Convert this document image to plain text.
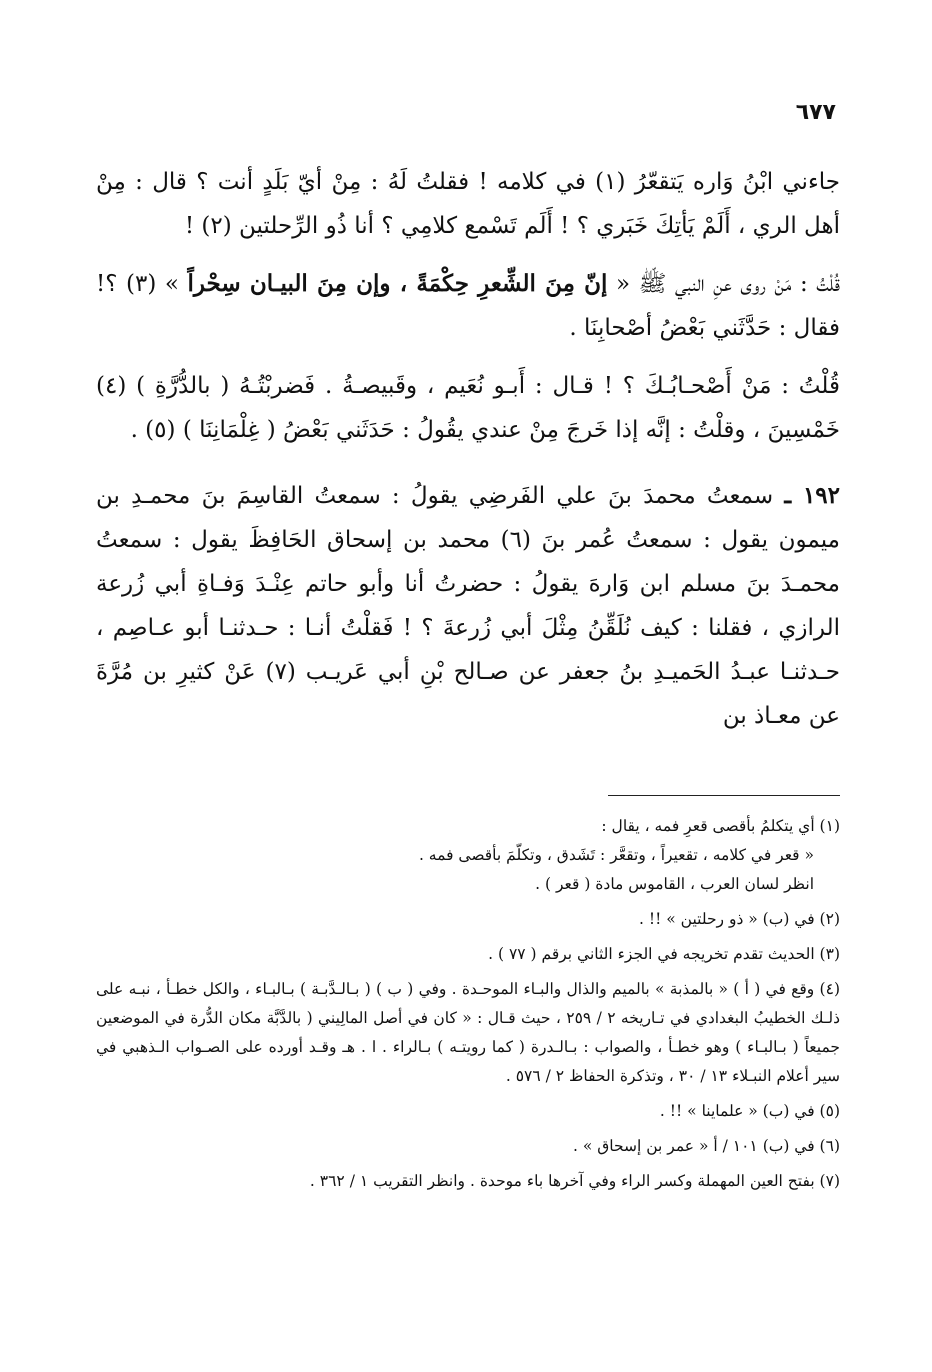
٦٧٧

جاءني ابْنُ وَاره يَتقعّرُ (١) في كلامه ! فقلتُ لَهُ : مِنْ أيّ بَلَدٍ أنت ؟ قال : مِنْ أهل الري ، أَلَمْ يَأتِكَ خَبَري ؟ ! أَلَم تَسْمع كلامِي ؟ أنا ذُو الرِّحلتين (٢) !

قُلْتُ : مَنْ روى عنِ النبي ﷺ « إنّ مِنَ الشِّعرِ حِكْمَةً ، وإن مِنَ البيـان سِحْراً » (٣) ؟! فقال : حَدَّثَني بَعْضُ أصْحابِنَا .

قُلْتُ : مَنْ أَصْحـابُـكَ ؟ ! قـال : أَبـو نُعَيم ، وقَبيصـةُ . فَضربْتُـهُ ( بالدُّرَّةِ ) (٤) خَمْسِينَ ، وقلْتُ : إنَّه إذا خَرجَ مِنْ عندي يقُولُ : حَدَثَني بَعْضُ ( غِلْمَانِنَا ) (٥) .

١٩٢ ـ سمعتُ محمدَ بنَ علي الفَرضِي يقولُ : سمعتُ القاسِمَ بنَ محمـدِ بن ميمون يقول : سمعتُ عُمر بنَ (٦) محمد بن إسحاق الحَافِظَ يقول : سمعتُ محمـدَ بنَ مسلم ابن وَارهَ يقولُ : حضرتُ أنا وأبو حاتم عِنْـدَ وَفـاةِ أبي زُرعة الرازي ، فقلنا : كيف نُلَقِّنُ مِثْلَ أبي زُرعةَ ؟ ! فَقلْتُ أنـا : حـدثنـا أبو عـاصِم ، حـدثنـا عبـدُ الحَميـدِ بنُ جعفر عن صـالح بْنِ أبي عَريـب (٧) عَنْ كثيرِ بن مُرَّةَ عن معـاذ بن

(١) أي يتكلمُ بأقصى قعرِ فمه ، يقال :
« قعر في كلامه ، تقعيراً ، وتقعَّر : تَشَدق ، وتكلّمَ بأقصى فمه .
انظر لسان العرب ، القاموس مادة ( قعر ) .
(٢) في (ب) « ذو رحلتين » !! .
(٣) الحديث تقدم تخريجه في الجزء الثاني برقم ( ٧٧ ) .
(٤) وقع في ( أ ) « بالمذبة » بالميم والذال والبـاء الموحـدة . وفي ( ب ) ( بـالـدَّبـة ) بـالبـاء ، والكل خطـأ ، نبـه على ذلـك الخطيبُ البغدادي في تـاريخه ٢ / ٢٥٩ ، حيث قـال : « كان في أصل المالِيني ( بالدَّبَّة مكان الدُّرة في الموضعين جميعاً ( بـالبـاء ) وهو خطـأ ، والصواب : بـالـدرة ( كما رويتـه ) بـالراء . ا . هـ وقـد أورده على الصـواب الـذهبي في سير أعلام النبـلاء ١٣ / ٣٠ ، وتذكرة الحفاظ ٢ / ٥٧٦ .
(٥) في (ب) « علماينا » !! .
(٦) في (ب) ١٠١ / أ « عمر بن إسحاق » .
(٧) بفتح العين المهملة وكسر الراء وفي آخرها باء موحدة . وانظر التقريب ١ / ٣٦٢ .
